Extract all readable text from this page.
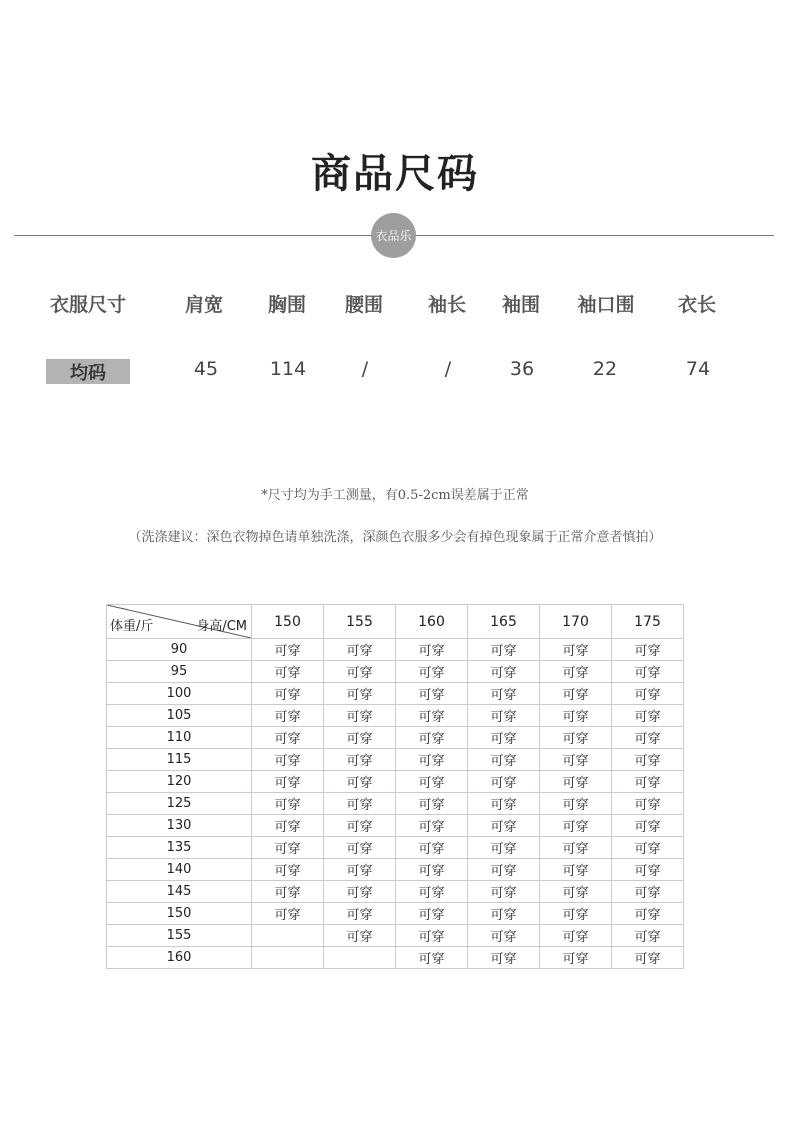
商品尺码
衣品乐
衣服尺寸	肩宽 胸围 腰围 袖长 袖围 袖口围 衣长
均码	45	114	/	/	36	22	74
*尺寸均为手工测量，有0.5-2cm误差属于正常
（洗涤建议：深色衣物掉色请单独洗涤，深颜色衣服多少会有掉色现象属于正常介意者慎拍）
体重/斤 身高/CM	150	155	160	165	170	175
90	可穿	可穿	可穿	可穿	可穿	可穿
95	可穿	可穿	可穿	可穿	可穿	可穿
100	可穿	可穿	可穿	可穿	可穿	可穿
105	可穿	可穿	可穿	可穿	可穿	可穿
110	可穿	可穿	可穿	可穿	可穿	可穿
115	可穿	可穿	可穿	可穿	可穿	可穿
120	可穿	可穿	可穿	可穿	可穿	可穿
125	可穿	可穿	可穿	可穿	可穿	可穿
130	可穿	可穿	可穿	可穿	可穿	可穿
135	可穿	可穿	可穿	可穿	可穿	可穿
140	可穿	可穿	可穿	可穿	可穿	可穿
145	可穿	可穿	可穿	可穿	可穿	可穿
150	可穿	可穿	可穿	可穿	可穿	可穿
155		可穿	可穿	可穿	可穿	可穿
160			可穿	可穿	可穿	可穿
